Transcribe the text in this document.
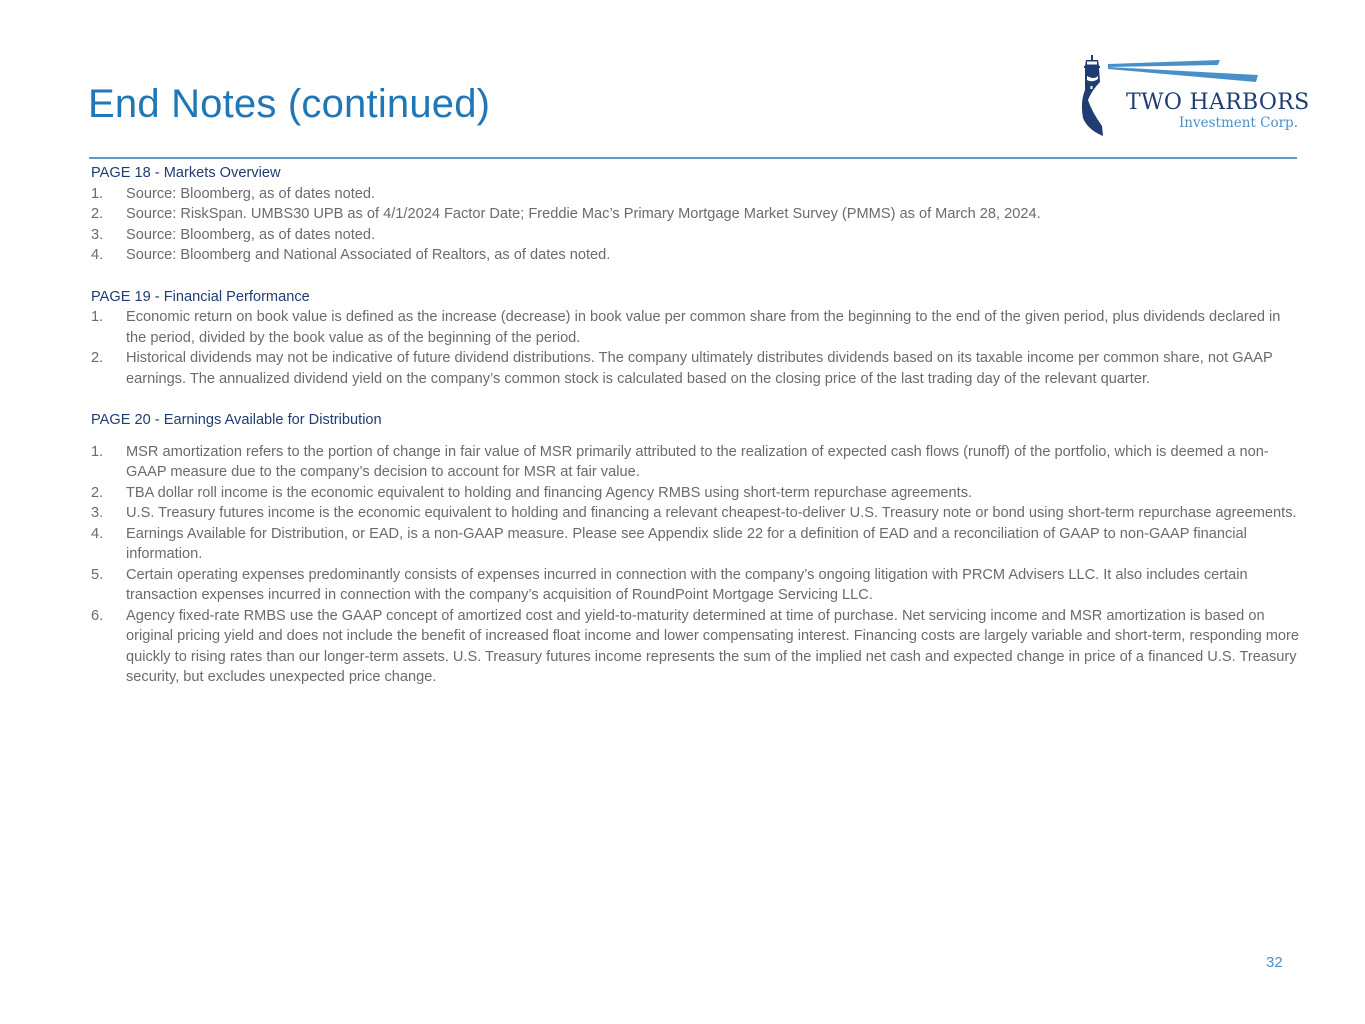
End Notes (continued)	TWO HARBORS
Investment Corp.

PAGE 18 - Markets Overview

1.	Source: Bloomberg, as of dates noted.
2.	Source: RiskSpan. UMBS30 UPB as of 4/1/2024 Factor Date; Freddie Mac’s Primary Mortgage Market Survey (PMMS) as of March 28, 2024.
3.	Source: Bloomberg, as of dates noted.
4.	Source: Bloomberg and National Associated of Realtors, as of dates noted.

PAGE 19 - Financial Performance

1.	Economic return on book value is defined as the increase (decrease) in book value per common share from the beginning to the end of the given period, plus dividends declared in the period, divided by the book value as of the beginning of the period.
2.	Historical dividends may not be indicative of future dividend distributions. The company ultimately distributes dividends based on its taxable income per common share, not GAAP earnings. The annualized dividend yield on the company’s common stock is calculated based on the closing price of the last trading day of the relevant quarter.

PAGE 20 - Earnings Available for Distribution

1.	MSR amortization refers to the portion of change in fair value of MSR primarily attributed to the realization of expected cash flows (runoff) of the portfolio, which is deemed a non-GAAP measure due to the company’s decision to account for MSR at fair value.
2.	TBA dollar roll income is the economic equivalent to holding and financing Agency RMBS using short-term repurchase agreements.
3.	U.S. Treasury futures income is the economic equivalent to holding and financing a relevant cheapest-to-deliver U.S. Treasury note or bond using short-term repurchase agreements.
4.	Earnings Available for Distribution, or EAD, is a non-GAAP measure. Please see Appendix slide 22 for a definition of EAD and a reconciliation of GAAP to non-GAAP financial information.
5.	Certain operating expenses predominantly consists of expenses incurred in connection with the company’s ongoing litigation with PRCM Advisers LLC. It also includes certain transaction expenses incurred in connection with the company’s acquisition of RoundPoint Mortgage Servicing LLC.
6.	Agency fixed-rate RMBS use the GAAP concept of amortized cost and yield-to-maturity determined at time of purchase. Net servicing income and MSR amortization is based on original pricing yield and does not include the benefit of increased float income and lower compensating interest. Financing costs are largely variable and short-term, responding more quickly to rising rates than our longer-term assets. U.S. Treasury futures income represents the sum of the implied net cash and expected change in price of a financed U.S. Treasury security, but excludes unexpected price change.
32
